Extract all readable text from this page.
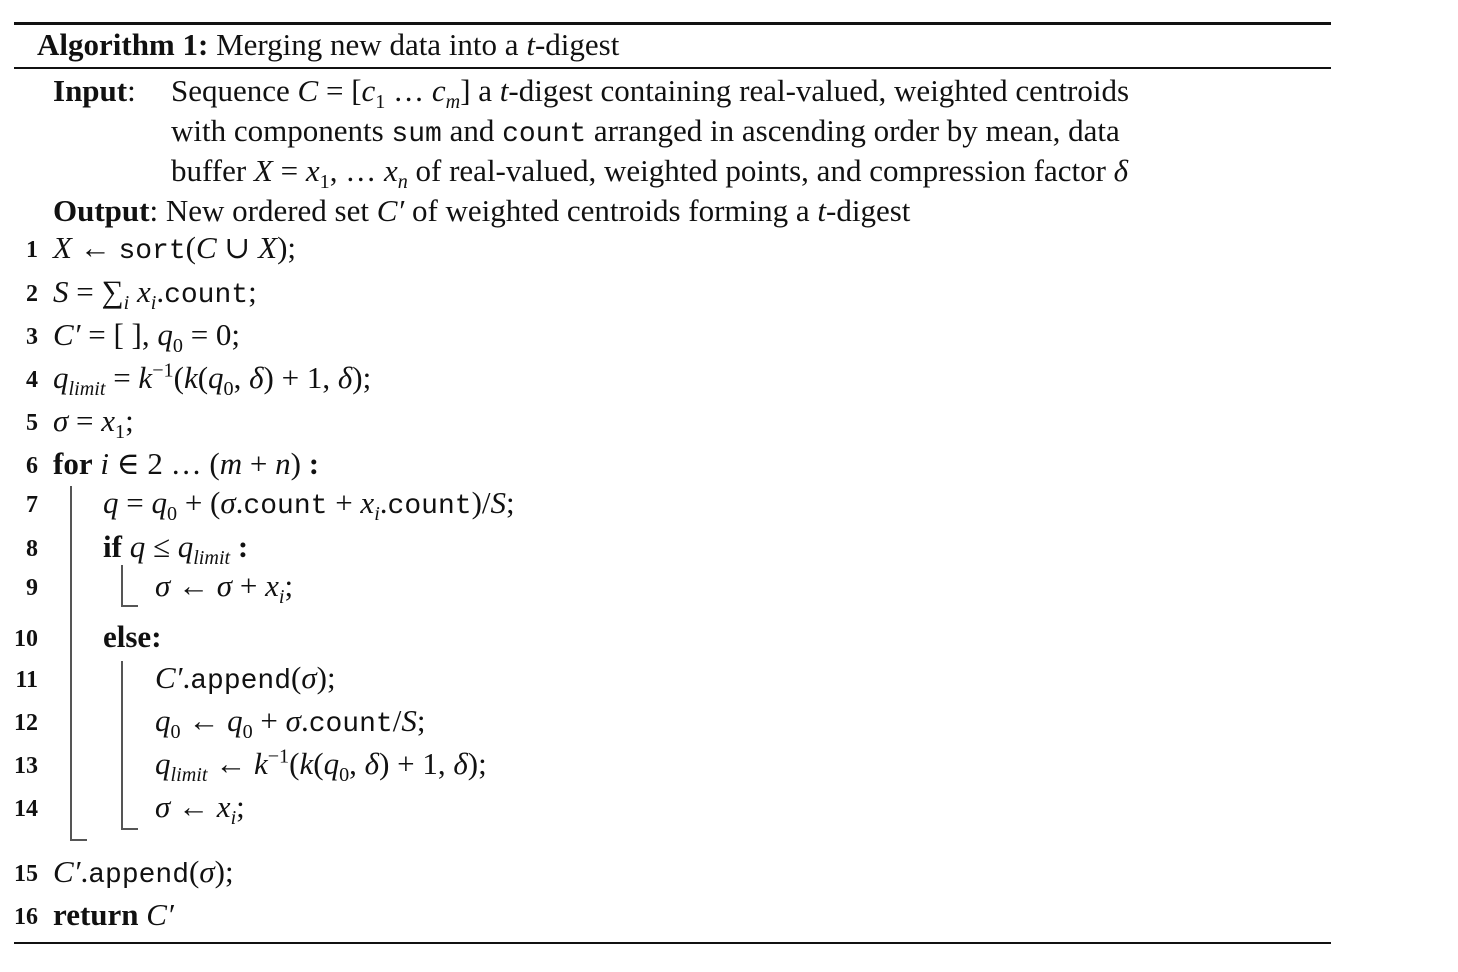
Algorithm 1: Merging new data into a t-digest
Input: Sequence $C = [c_1$ … $c_m$] a t-digest containing real-valued, weighted centroids
with components sum and count arranged in ascending order by mean, data
buffer $X = x_1$, … $x_n$ of real-valued, weighted points, and compression factor δ
Output: New ordered set C′ of weighted centroids forming a t-digest
1
2
3
4
5
6
7
8
9
10
11
12
13
14
15
16
X ← sort(C ∪ X);
$S = \sum_i$ $x_i.count$;
C′ = [ ], $q_0 = 0$;
$q_{limit} = k^{-1}(k(q_0$, δ) + 1, δ);
$\sigma = x_1$;
for i ∈ 2 … (m + n) :
$q = q_0$ + (σ.count + $x_i.count)/S$;
if $q \le q_{limit}$ :
σ ← $\sigma + x_i$;
else:
C′.append(σ);
$q_0$ ← $q_0$ + σ.count/S;
$q_{limit}$ ← $k^{-1}(k(q_0$, δ) + 1, δ);
σ ← $x_i$;
C′.append(σ);
return C′
